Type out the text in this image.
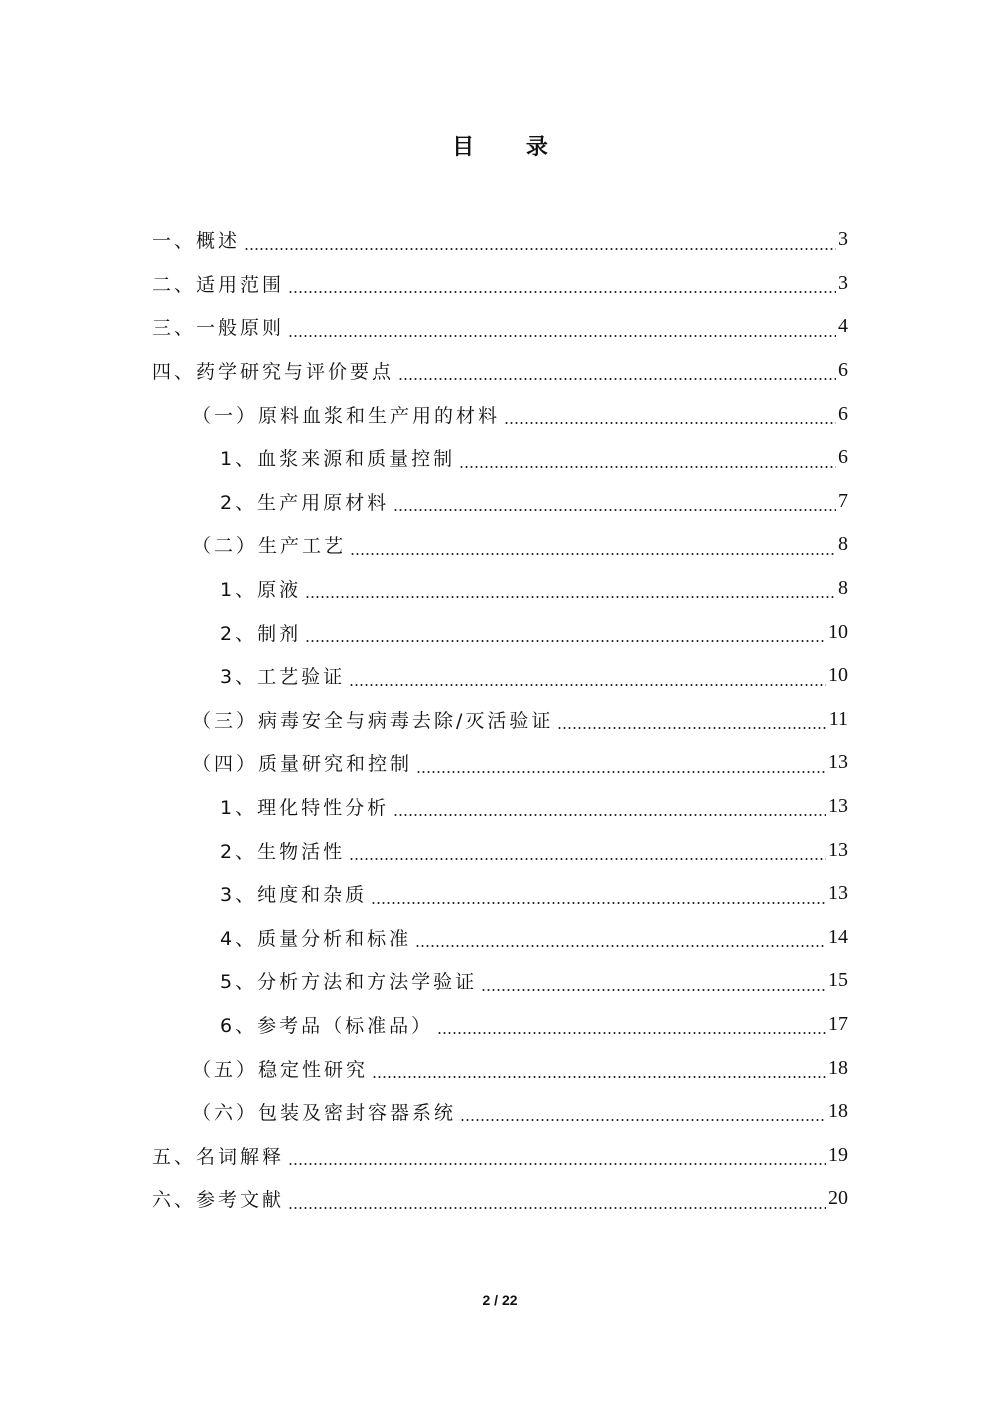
目 录
一、概述	3
二、适用范围	3
三、一般原则	4
四、药学研究与评价要点	6
（一）原料血浆和生产用的材料	6
1、血浆来源和质量控制	6
2、生产用原材料	7
（二）生产工艺	8
1、原液	8
2、制剂	10
3、工艺验证	10
（三）病毒安全与病毒去除/灭活验证	11
（四）质量研究和控制	13
1、理化特性分析	13
2、生物活性	13
3、纯度和杂质	13
4、质量分析和标准	14
5、分析方法和方法学验证	15
6、参考品（标准品）	17
（五）稳定性研究	18
（六）包装及密封容器系统	18
五、名词解释	19
六、参考文献	20
2 / 22
